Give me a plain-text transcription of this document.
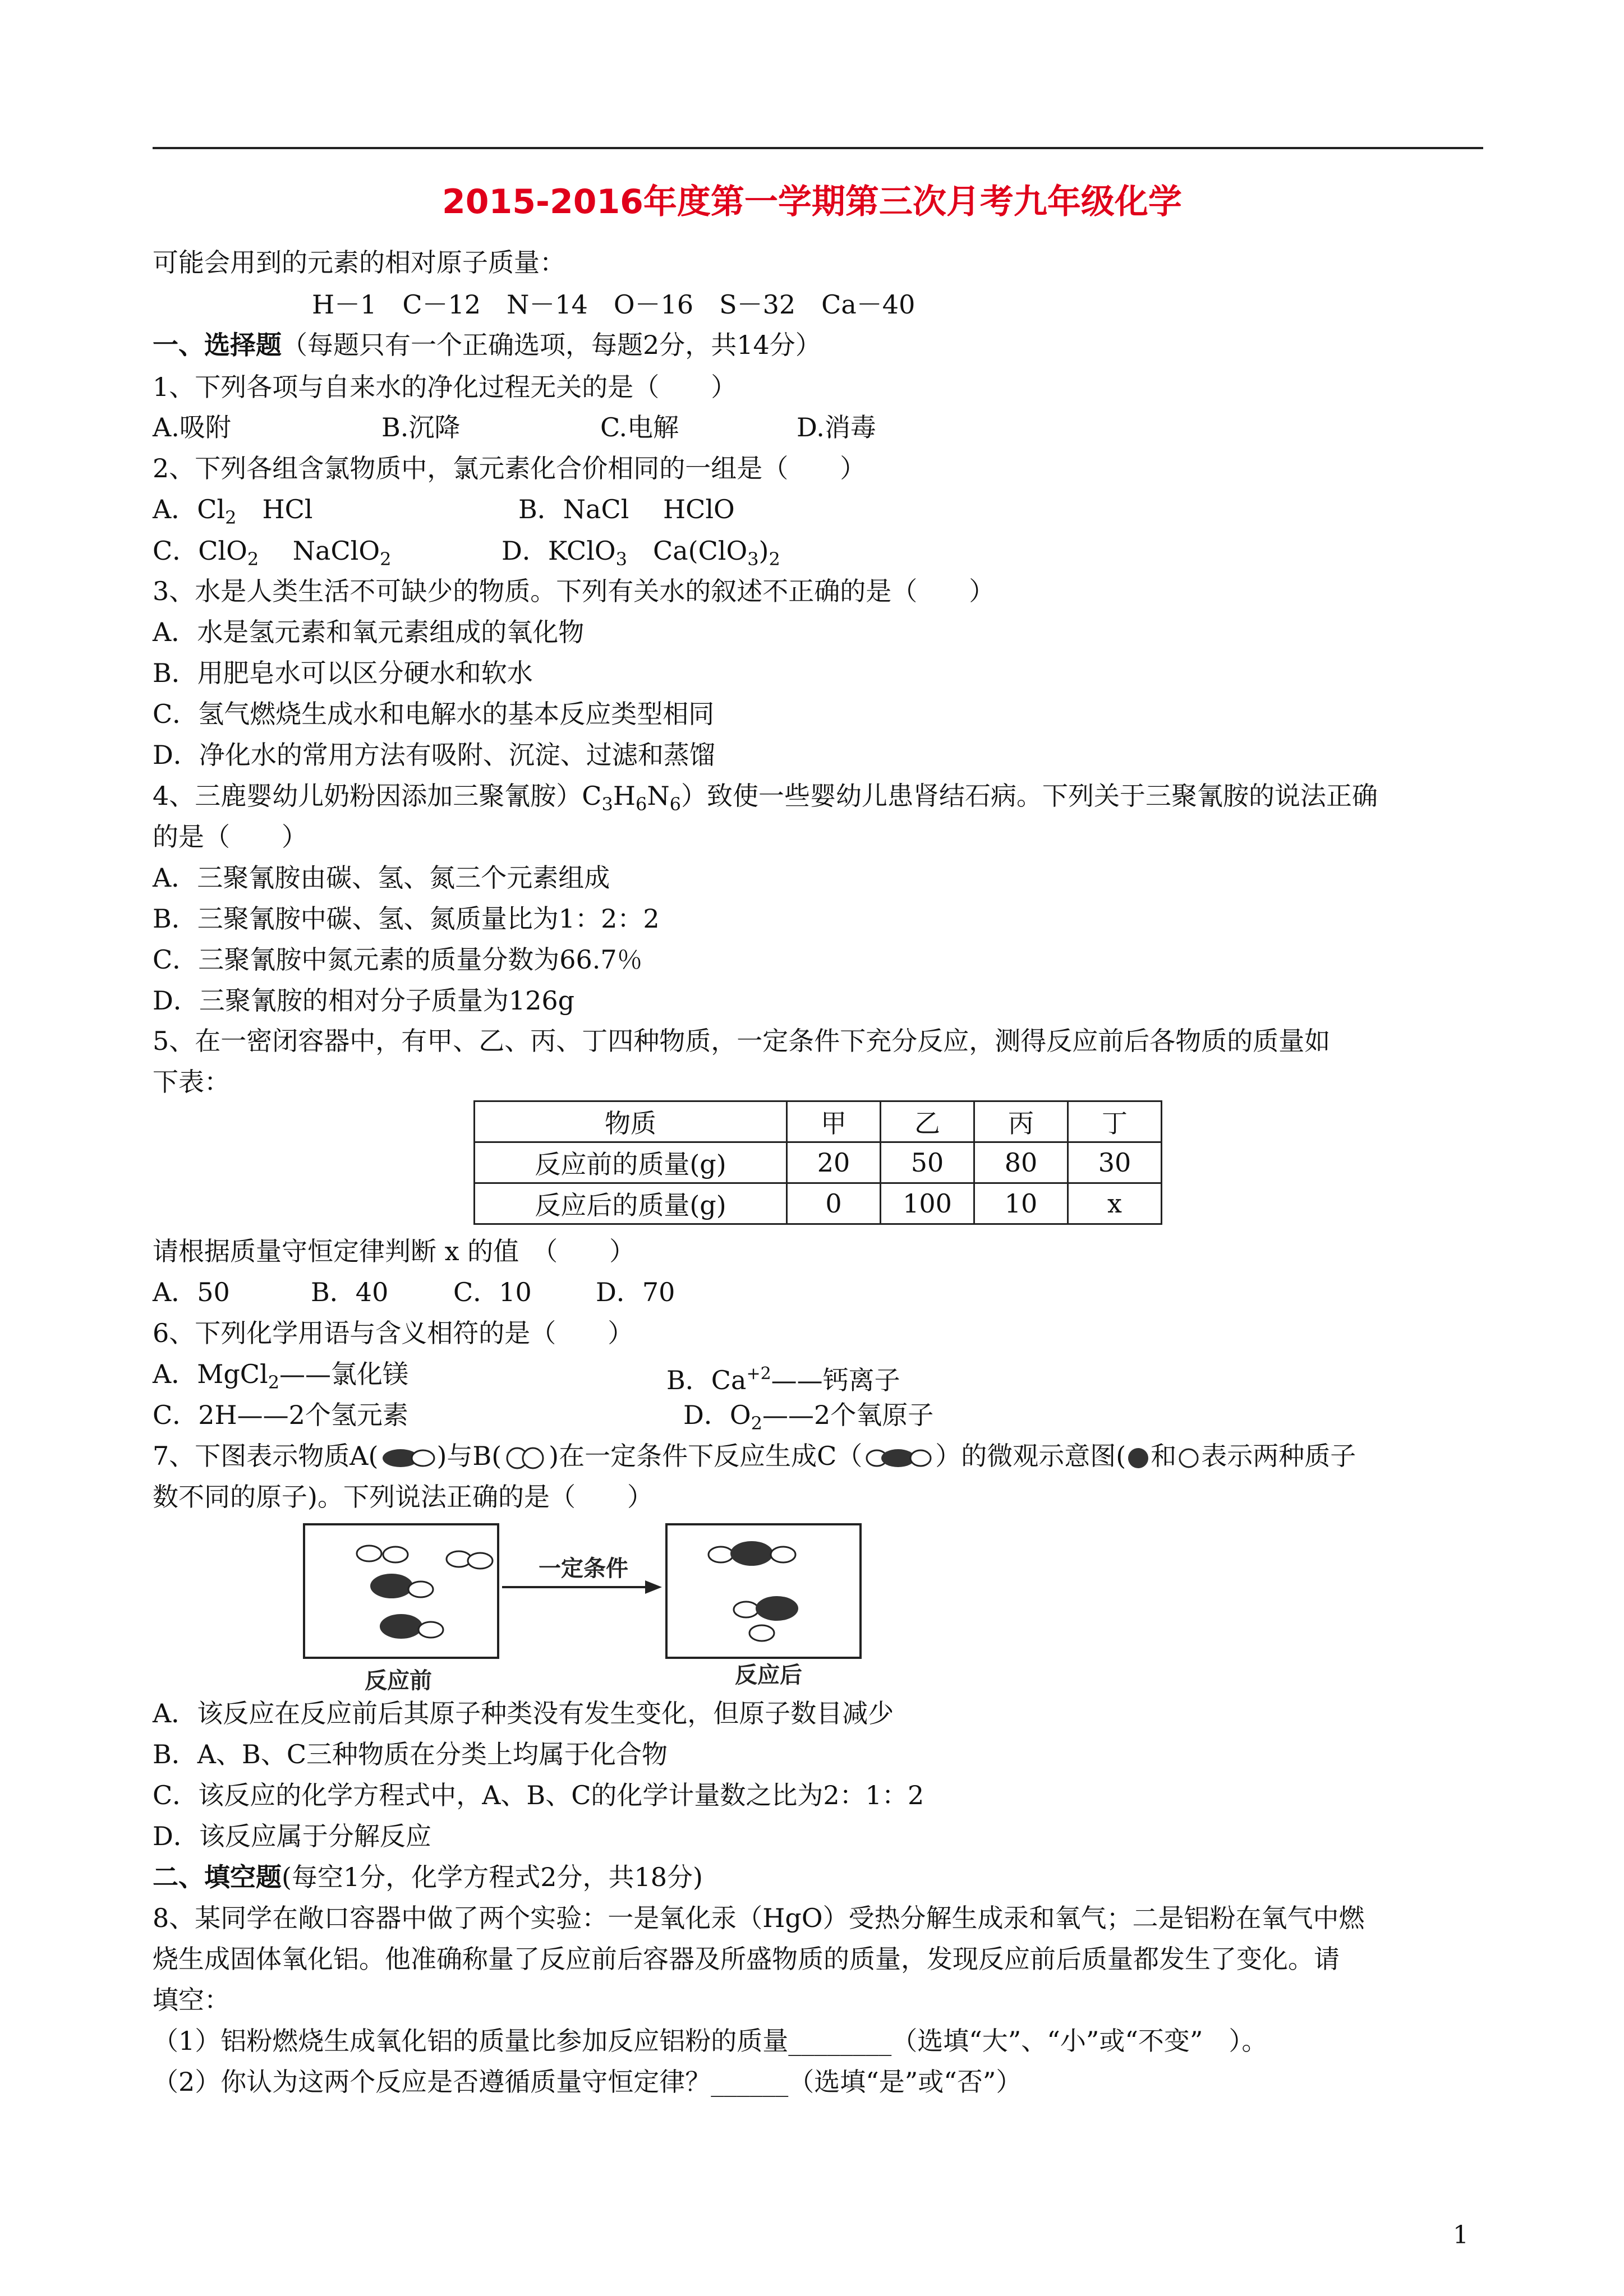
2015-2016年度第一学期第三次月考九年级化学
可能会用到的元素的相对原子质量：
H－1　C－12　N－14　O－16　S－32　Ca－40
一、选择题（每题只有一个正确选项，每题2分，共14分）
1、下列各项与自来水的净化过程无关的是（　　）
A.吸附	B.沉降	C.电解	D.消毒
2、下列各组含氯物质中，氯元素化合价相同的一组是（　　）
A．$Cl_2$　HCl	B．NaCl　 HClO
C．ClO$_2$　 NaClO$_2$	D．KClO$_3$　$Ca(ClO_3)_2$
3、水是人类生活不可缺少的物质。下列有关水的叙述不正确的是（　　）
A．水是氢元素和氧元素组成的氧化物
B．用肥皂水可以区分硬水和软水
C．氢气燃烧生成水和电解水的基本反应类型相同
D．净化水的常用方法有吸附、沉淀、过滤和蒸馏
4、三鹿婴幼儿奶粉因添加三聚氰胺）$C_3H_6N_6$）致使一些婴幼儿患肾结石病。下列关于三聚氰胺的说法正确
的是（　　）
A．三聚氰胺由碳、氢、氮三个元素组成
B．三聚氰胺中碳、氢、氮质量比为1：2：2
C．三聚氰胺中氮元素的质量分数为66.7％
D．三聚氰胺的相对分子质量为126g
5、在一密闭容器中，有甲、乙、丙、丁四种物质，一定条件下充分反应，测得反应前后各物质的质量如
下表：
物质	甲	乙	丙	丁
反应前的质量(g)	20	50	80	30
反应后的质量(g)	0	100	10	x
请根据质量守恒定律判断 x 的值　（　　）
A．50	B．40	C．10 D．70
6、下列化学用语与含义相符的是（　　）
A．MgCl$_2$——氯化镁	B．$Ca^{+2}——$钙离子
C．2H——2个氢元素	D．$O_2——2$个氧原子
7、下图表示物质A( )与B( )在一定条件下反应生成C（	）的微观示意图( 和 表示两种质子
数不同的原子)。下列说法正确的是（　　）
一定条件
反应前	反应后
A．该反应在反应前后其原子种类没有发生变化，但原子数目减少
B．A、B、C三种物质在分类上均属于化合物
C．该反应的化学方程式中，A、B、C的化学计量数之比为2：1：2
D．该反应属于分解反应
二、填空题(每空1分，化学方程式2分，共18分)
8、某同学在敞口容器中做了两个实验：一是氧化汞（HgO）受热分解生成汞和氧气；二是铝粉在氧气中燃
烧生成固体氧化铝。他准确称量了反应前后容器及所盛物质的质量，发现反应前后质量都发生了变化。请
填空：
（1）铝粉燃烧生成氧化铝的质量比参加反应铝粉的质量________（选填“大”、“小”或“不变”　）。
（2）你认为这两个反应是否遵循质量守恒定律？______（选填“是”或“否”）
1
